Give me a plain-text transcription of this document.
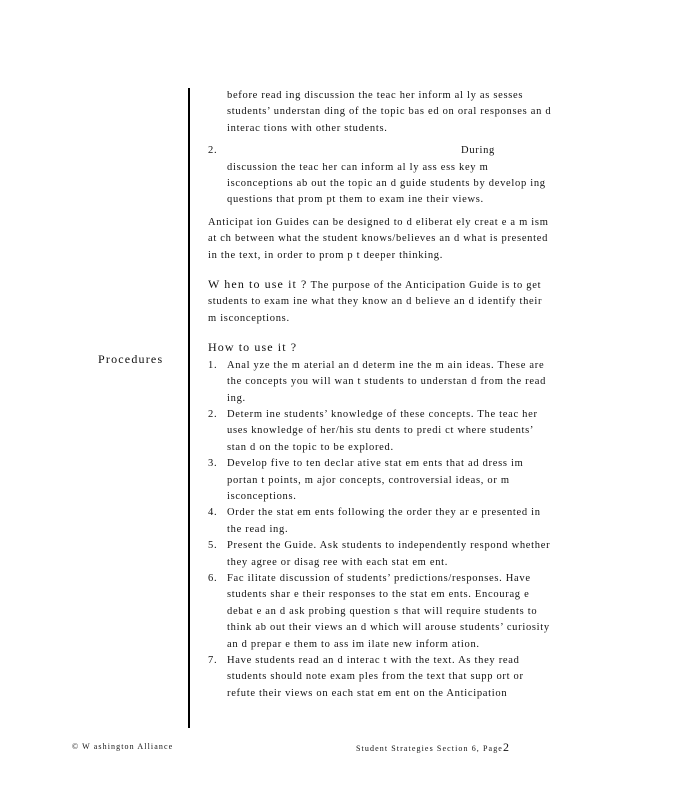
Procedures

before read ing discussion the teac her inform al ly as sesses students’ understan ding of the topic bas ed on oral responses an d interac tions with other students.

2.	During
discussion the teac her can inform al ly ass ess key m isconceptions ab out the topic an d guide students by develop ing questions that prom pt them to exam ine their views.

Anticipat ion Guides can be designed to d eliberat ely creat e a m ism at ch between what the student knows/believes an d what is presented in the text, in order to prom p t deeper thinking.

W hen to use it ? The purpose of the Anticipation Guide is to get students to exam ine what they know an d believe an d identify their m isconceptions.

How to use it ?
1. Anal yze the m aterial an d determ ine the m ain ideas. These are the concepts you will wan t students to understan d from the read ing.
2. Determ ine students’ knowledge of these concepts. The teac her uses knowledge of her/his stu dents to predi ct where students’ stan d on the topic to be explored.
3. Develop five to ten declar ative stat em ents that ad dress im portan t points, m ajor concepts, controversial ideas, or m isconceptions.
4. Order the stat em ents following the order they ar e presented in the read ing.
5. Present the Guide. Ask students to independently respond whether they agree or disag ree with each stat em ent.
6. Fac ilitate discussion of students’ predictions/responses. Have students shar e their responses to the stat em ents. Encourag e debat e an d ask probing question s that will require students to think ab out their views an d which will arouse students’ curiosity an d prepar e them to ass im ilate new inform ation.
7. Have students read an d interac t with the text. As they read students should note exam ples from the text that supp ort or refute their views on each stat em ent on the Anticipation
© W ashington Alliance	Student Strategies Section 6, Page2
